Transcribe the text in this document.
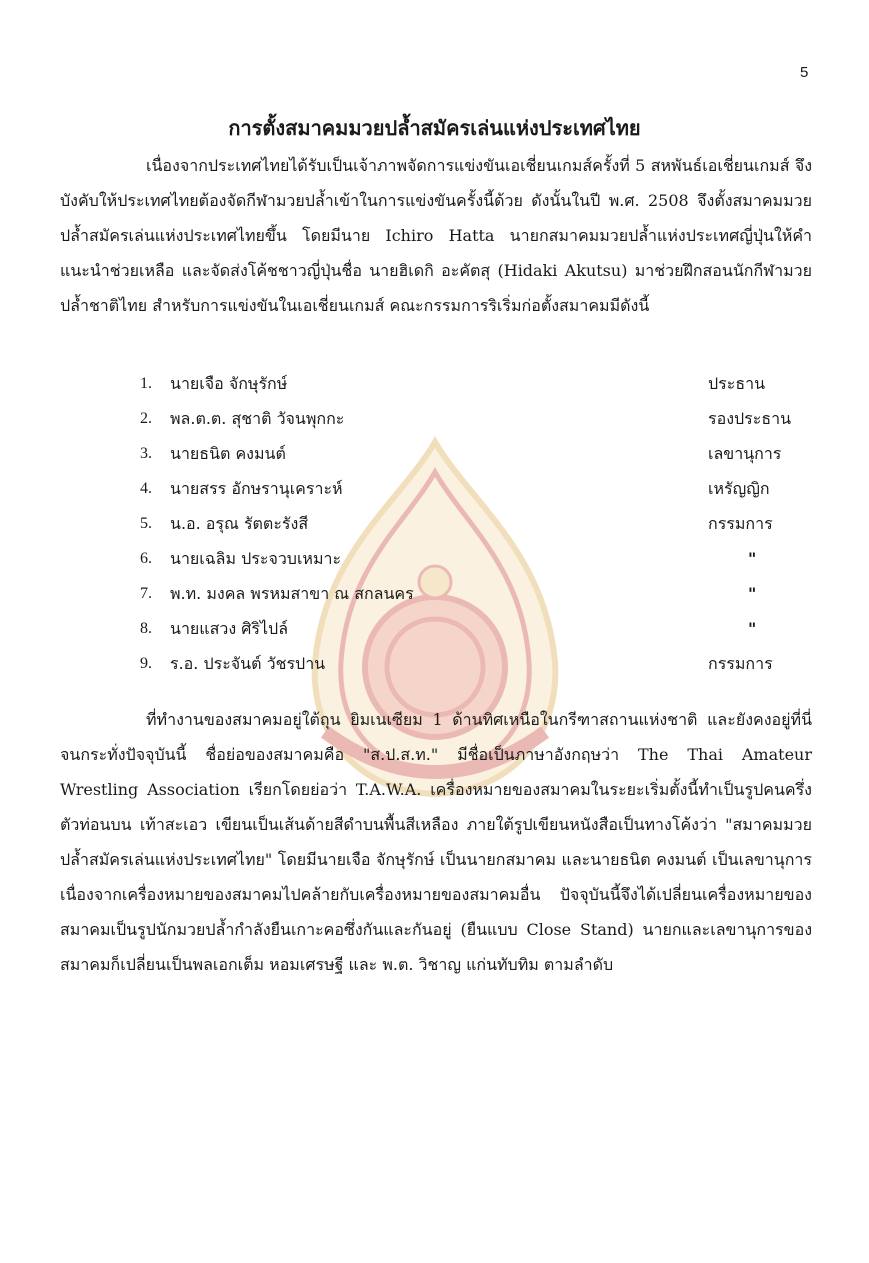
5
การตั้งสมาคมมวยปล้ำสมัครเล่นแห่งประเทศไทย

เนื่องจากประเทศไทยได้รับเป็นเจ้าภาพจัดการแข่งขันเอเชี่ยนเกมส์ครั้งที่ 5 สหพันธ์เอเชี่ยนเกมส์ จึงบังคับให้ประเทศไทยต้องจัดกีฬามวยปล้ำเข้าในการแข่งขันครั้งนี้ด้วย ดังนั้นในปี พ.ศ. 2508 จึงตั้งสมาคมมวยปล้ำสมัครเล่นแห่งประเทศไทยขึ้น โดยมีนาย Ichiro Hatta นายกสมาคมมวยปล้ำแห่งประเทศญี่ปุ่นให้คำแนะนำช่วยเหลือ และจัดส่งโค้ชชาวญี่ปุ่นชื่อ นายฮิเดกิ อะคัตสุ (Hidaki Akutsu) มาช่วยฝึกสอนนักกีฬามวยปล้ำชาติไทย สำหรับการแข่งขันในเอเชี่ยนเกมส์ คณะกรรมการริเริ่มก่อตั้งสมาคมมีดังนี้

1.	นายเจือ จักษุรักษ์	ประธาน
2.	พล.ต.ต. สุชาติ วัจนพุกกะ	รองประธาน
3.	นายธนิต คงมนต์	เลขานุการ
4.	นายสรร อักษรานุเคราะห์	เหรัญญิก
5.	น.อ. อรุณ รัตตะรังสี	กรรมการ
6.	นายเฉลิม ประจวบเหมาะ	"
7.	พ.ท. มงคล พรหมสาขา ณ สกลนคร	"
8.	นายแสวง ศิริไปล์	"
9.	ร.อ. ประจันต์ วัชรปาน	กรรมการ

ที่ทำงานของสมาคมอยู่ใต้ถุน ยิมเนเซียม 1 ด้านทิศเหนือในกรีฑาสถานแห่งชาติ และยังคงอยู่ที่นี่จนกระทั่งปัจจุบันนี้ ชื่อย่อของสมาคมคือ "ส.ป.ส.ท." มีชื่อเป็นภาษาอังกฤษว่า The Thai Amateur Wrestling Association เรียกโดยย่อว่า T.A.W.A. เครื่องหมายของสมาคมในระยะเริ่มตั้งนี้ทำเป็นรูปคนครึ่งตัวท่อนบน เท้าสะเอว เขียนเป็นเส้นด้ายสีดำบนพื้นสีเหลือง ภายใต้รูปเขียนหนังสือเป็นทางโค้งว่า "สมาคมมวยปล้ำสมัครเล่นแห่งประเทศไทย" โดยมีนายเจือ จักษุรักษ์ เป็นนายกสมาคม และนายธนิต คงมนต์ เป็นเลขานุการ เนื่องจากเครื่องหมายของสมาคมไปคล้ายกับเครื่องหมายของสมาคมอื่น ปัจจุบันนี้จึงได้เปลี่ยนเครื่องหมายของสมาคมเป็นรูปนักมวยปล้ำกำลังยืนเกาะคอซึ่งกันและกันอยู่ (ยืนแบบ Close Stand) นายกและเลขานุการของสมาคมก็เปลี่ยนเป็นพลเอกเต็ม หอมเศรษฐี และ พ.ต. วิชาญ แก่นทับทิม ตามลำดับ
